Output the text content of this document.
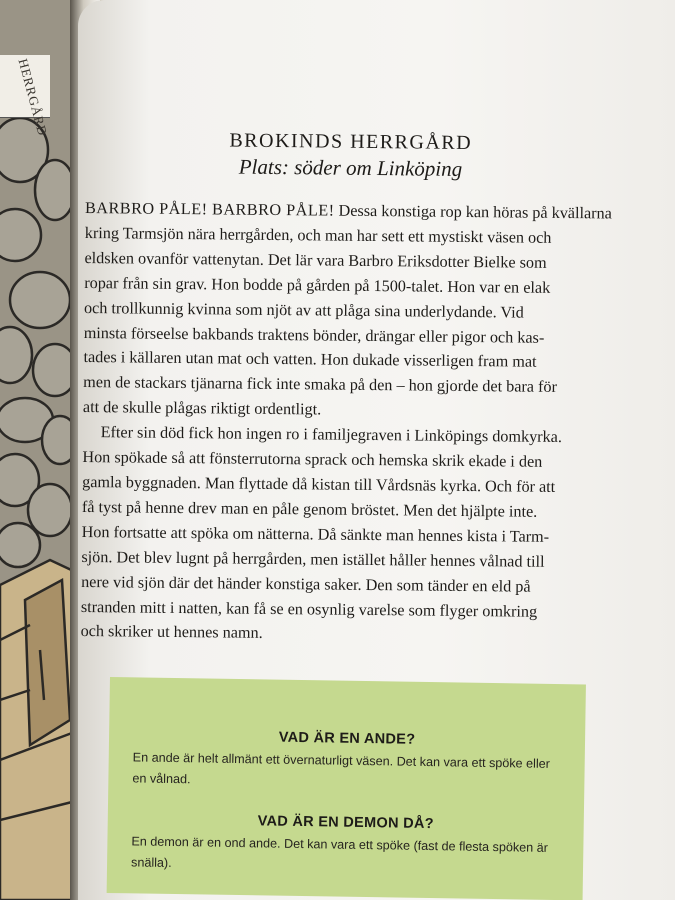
HERRGÅRD
BROKINDS HERRGÅRD
Plats: söder om Linköping

BARBRO PÅLE! BARBRO PÅLE! Dessa konstiga rop kan höras på kvällarna
kring Tarmsjön nära herrgården, och man har sett ett mystiskt väsen och
eldsken ovanför vattenytan. Det lär vara Barbro Eriksdotter Bielke som
ropar från sin grav. Hon bodde på gården på 1500-talet. Hon var en elak
och trollkunnig kvinna som njöt av att plåga sina underlydande. Vid
minsta förseelse bakbands traktens bönder, drängar eller pigor och kas-
tades i källaren utan mat och vatten. Hon dukade visserligen fram mat
men de stackars tjänarna fick inte smaka på den – hon gjorde det bara för
att de skulle plågas riktigt ordentligt.

Efter sin död fick hon ingen ro i familjegraven i Linköpings domkyrka.
Hon spökade så att fönsterrutorna sprack och hemska skrik ekade i den
gamla byggnaden. Man flyttade då kistan till Vårdsnäs kyrka. Och för att
få tyst på henne drev man en påle genom bröstet. Men det hjälpte inte.
Hon fortsatte att spöka om nätterna. Då sänkte man hennes kista i Tarm-
sjön. Det blev lugnt på herrgården, men istället håller hennes vålnad till
nere vid sjön där det händer konstiga saker. Den som tänder en eld på
stranden mitt i natten, kan få se en osynlig varelse som flyger omkring
och skriker ut hennes namn.

VAD ÄR EN ANDE?

En ande är helt allmänt ett övernaturligt väsen. Det kan vara ett spöke eller en vålnad.

VAD ÄR EN DEMON DÅ?

En demon är en ond ande. Det kan vara ett spöke (fast de flesta spöken är snälla).
